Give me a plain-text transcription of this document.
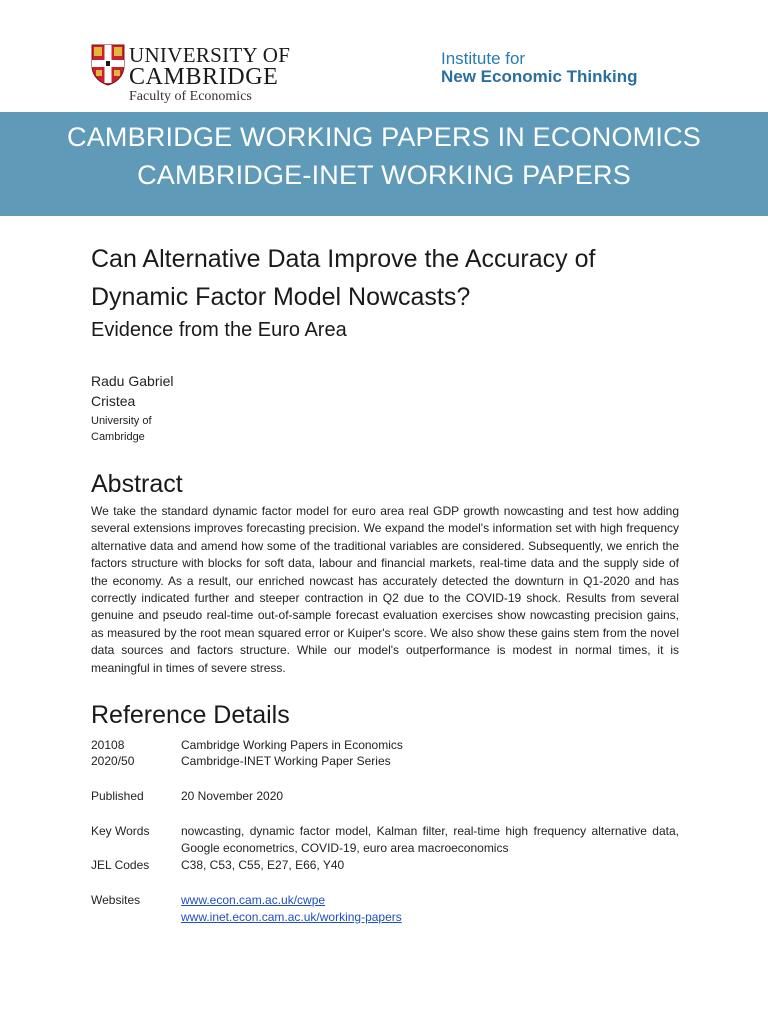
UNIVERSITY OF
CAMBRIDGE
Faculty of Economics
Institute for
New Economic Thinking
CAMBRIDGE WORKING PAPERS IN ECONOMICS
CAMBRIDGE-INET WORKING PAPERS
Can Alternative Data Improve the Accuracy of
Dynamic Factor Model Nowcasts?
Evidence from the Euro Area
Radu Gabriel
Cristea
University of
Cambridge
Abstract

We take the standard dynamic factor model for euro area real GDP growth nowcasting and test how adding several extensions improves forecasting precision. We expand the model's information set with high frequency alternative data and amend how some of the traditional variables are considered. Subsequently, we enrich the factors structure with blocks for soft data, labour and financial markets, real-time data and the supply side of the economy. As a result, our enriched nowcast has accurately detected the downturn in Q1-2020 and has correctly indicated further and steeper contraction in Q2 due to the COVID-19 shock. Results from several genuine and pseudo real-time out-of-sample forecast evaluation exercises show nowcasting precision gains, as measured by the root mean squared error or Kuiper's score. We also show these gains stem from the novel data sources and factors structure. While our model's outperformance is modest in normal times, it is meaningful in times of severe stress.

Reference Details
20108	Cambridge Working Papers in Economics
2020/50	Cambridge-INET Working Paper Series
Published	20 November 2020
Key Words	nowcasting, dynamic factor model, Kalman filter, real-time high frequency alternative data, Google econometrics, COVID-19, euro area macroeconomics
JEL Codes	C38, C53, C55, E27, E66, Y40
Websites	www.econ.cam.ac.uk/cwpe
www.inet.econ.cam.ac.uk/working-papers
